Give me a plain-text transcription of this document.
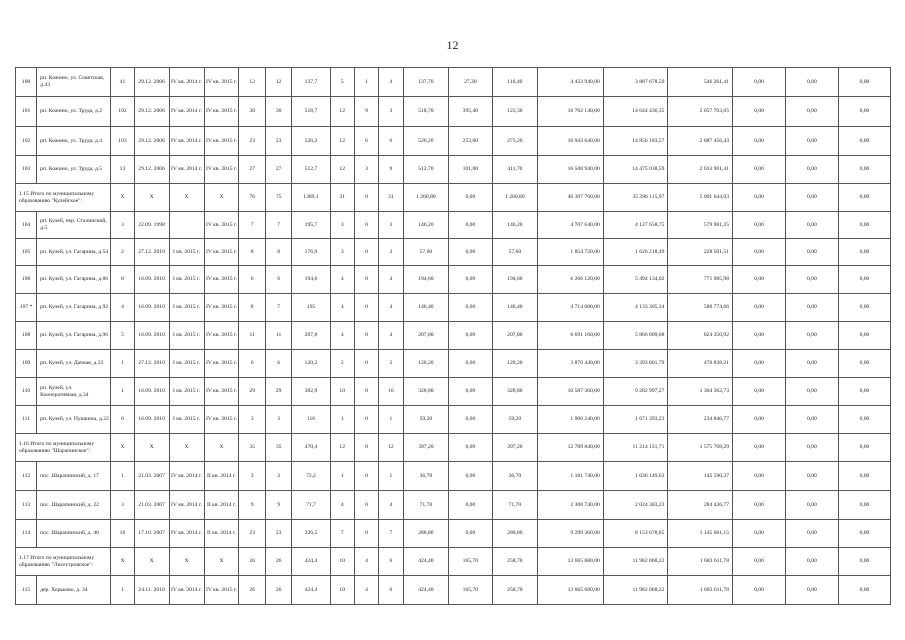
12
100	рп. Кожино, ул. Советская, д.43	41	29.12. 2006	IV кв. 2014 г.	IV кв. 2015 г.	12	12	137,7	5	1	4	137,70	27,30	110,40	4 433 940,00	3 887 678,59	546 261,41	0,00	0,00	0,00
101	рп. Кожино, ул. Труда, д.2	102	29.12. 2006	IV кв. 2014 г.	IV кв. 2015 г.	30	30	518,7	12	9	3	518,70	395,40	123,30	16 702 140,00	14 644 436,35	2 057 703,65	0,00	0,00	0,00
102	рп. Кожино, ул. Труда, д.4	103	29.12. 2006	IV кв. 2014 г.	IV кв. 2015 г.	23	23	526,2	12	6	6	526,20	253,00	273,20	16 943 640,00	14 856 183,57	2 087 456,43	0,00	0,00	0,00
103	рп. Кожино, ул. Труда, д.5	13	29.12. 2006	IV кв. 2014 г.	IV кв. 2015 г.	27	27	512,7	12	3	9	512,70	101,00	411,70	16 508 940,00	14 475 038,59	2 033 901,41	0,00	0,00	0,00
1.15 Итого по муниципальному образованию "Кулейское":		Х	Х	Х	Х	76	75	1389,1	31	0	31	1 260,80	0,00	1 260,80	40 397 760,00	35 396 115,97	5 001 644,03	0,00	0,00	0,00
104	рп. Кулей, пер. Сталинский, д.5	3	22.09. 1998		IV кв. 2015 г.	7	7	195,7	3	0	3	146,20	0,00	146,20	4 707 640,00	4 127 658,75	579 981,25	0,00	0,00	0,00
105	рп. Кулей, ул. Гагарина, д.54	2	27.12. 2010	I кв. 2015 г.	IV кв. 2015 г.	8	8	176,9	3	0	3	57,60	0,00	57,60	1 854 720,00	1 626 218,49	228 501,51	0,00	0,00	0,00
106	рп. Кулей, ул. Гагарина, д.86	8	16.09. 2010	I кв. 2015 г.	IV кв. 2015 г.	6	6	194,6	4	0	4	194,60	0,00	194,60	6 266 120,00	5 494 134,02	771 985,98	0,00	0,00	0,00
107 *	рп. Кулей, ул. Гагарина, д.92	4	16.09. 2010	I кв. 2015 г.	IV кв. 2015 г.	8	7	195	4	0	4	146,40	0,00	146,40	4 714 080,00	4 133 305,34	580 774,66	0,00	0,00	0,00
108	рп. Кулей, ул. Гагарина, д.96	5	16.09. 2010	I кв. 2015 г.	IV кв. 2015 г.	11	11	207,8	4	0	4	207,80	0,00	207,80	6 691 160,00	5 866 809,08	824 350,92	0,00	0,00	0,00
109	рп. Кулей, ул. Дачная, д.33	1	27.12. 2010	I кв. 2015 г.	IV кв. 2015 г.	6	6	120,2	2	0	2	120,20	0,00	120,20	3 870 440,00	3 393 601,79	476 838,21	0,00	0,00	0,00
110	рп. Кулей, ул. Кооперативная, д.34	1	16.09. 2010	I кв. 2015 г.	IV кв. 2015 г.	29	29	382,9	10	0	10	328,80	0,00	328,80	10 587 360,00	9 282 997,27	1 304 362,73	0,00	0,00	0,00
111	рп. Кулей, ул. Пушкина, д.22	6	16.09. 2010	I кв. 2015 г.	IV кв. 2015 г.	3	3	116	1	0	1	59,20	0,00	59,20	1 906 240,00	1 671 393,23	234 846,77	0,00	0,00	0,00
1.16 Итого по муниципальному образованию "Шарапинское":		Х	Х	Х	Х	35	35	470,4	12	0	12	397,20	0,00	397,20	12 789 840,00	11 214 131,71	1 575 708,29	0,00	0,00	0,00
112	пос. Шарапинский, д. 17	1	21.03. 2007	IV кв. 2014 г.	II кв. 2014 г.	3	3	72,2	1	0	1	36,70	0,00	36,70	1 181 740,00	1 036 149,63	145 590,37	0,00	0,00	0,00
113	пос. Шарапинский, д. 22	3	21.03. 2007	IV кв. 2014 г.	II кв. 2014 г.	9	9	71,7	4	0	4	71,70	0,00	71,70	2 308 740,00	2 024 303,23	284 436,77	0,00	0,00	0,00
114	пос. Шарапинский, д. 46	16	17.10. 2007	IV кв. 2014 г.	II кв. 2014 г.	23	23	326,5	7	0	7	288,80	0,00	288,80	9 299 360,00	8 153 678,85	1 145 681,15	0,00	0,00	0,00
1.17 Итого по муниципальному образованию "Лисестровское":		Х	Х	Х	Х	26	26	424,4	10	4	6	424,40	165,70	258,70	13 665 680,00	11 982 068,22	1 683 611,78	0,00	0,00	0,00
115	дер. Хорьково, д. 34	1	24.11. 2010	IV кв. 2014 г.	IV кв. 2015 г.	26	26	424,4	10	4	6	424,40	165,70	258,70	13 665 680,00	11 982 068,22	1 683 611,78	0,00	0,00	0,00
